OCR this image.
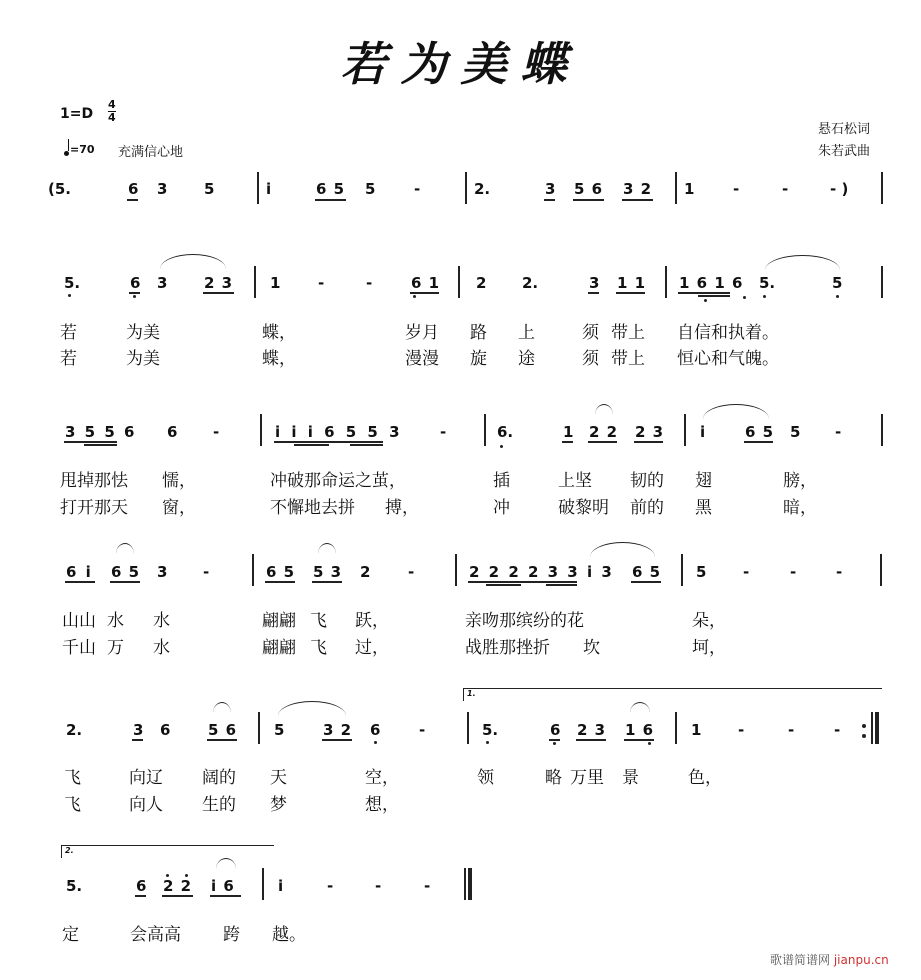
若为美蝶
1=D
4
4
=70 充满信心地
悬石松词
朱若武曲
(5.	6 3 5	i	6 5 5	-	2.	3 5 6 3 2 1	-	-	- )
5.	6 3 2 3 1	-	-	6 1 2 2.	3 1 1 1 6 1 6 5.	5
若	为美	蝶，	岁月 路 上	须 带上 自信和执着。
若	为美	蝶，	漫漫 旋 途	须 带上 恒心和气魄。
3 5 5 6 6 -	i i i 6 5 5 3 -	6.	1 2 2 2 3 i	6 5 5 -
甩掉那怯 懦，	冲破那命运之茧，	插	上坚 韧的 翅	膀，
打开那天 窗，	不懈地去拼 搏，	冲	破黎明 前的 黑	暗，
6 i 6 5 3 -	6 5 5 3 2	-	2 2 2 2 3 3 i 3 6 5 5 -	-	-
山山 水 水	翩翩 飞 跃，	亲吻那缤纷的花	朵，
千山 万 水	翩翩 飞 过，	战胜那挫折 坎	坷，
1.
2.	3 6	5 6 5	3 2 6	-	5.	6 2 3 1 6 1 -	-	-
飞	向辽 阔的 天	空，	领	略 万里 景	色，
飞	向人 生的 梦	想，
2.
5.	6 2 2 i 6	i	-	-	-
定	会高高 跨 越。
歌谱简谱网 jianpu.cn
